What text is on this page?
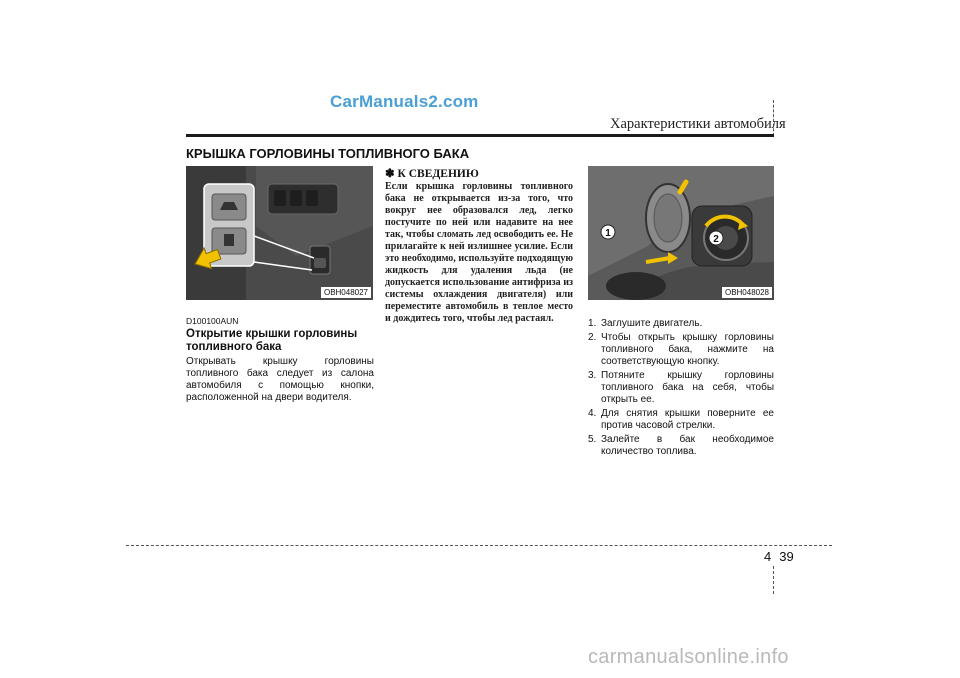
CarManuals2.com
Характеристики автомобиля
КРЫШКА ГОРЛОВИНЫ ТОПЛИВНОГО БАКА
OBH048027
D100100AUN
Открытие крышки горловины топливного бака
Открывать крышку горловины топливного бака следует из салона автомобиля с помощью кнопки, расположенной на двери водителя.
✽ К СВЕДЕНИЮ
Если крышка горловины топливного бака не открывается из-за того, что вокруг нее образовался лед, легко постучите по ней или надавите на нее так, чтобы сломать лед освободить ее. Не прилагайте к ней излишнее усилие. Если это необходимо, используйте подходящую жидкость для удаления льда (не допускается использование антифриза из системы охлаждения двигателя) или переместите автомобиль в теплое место и дождитесь того, чтобы лед растаял.
1
2
OBH048028
1. Заглушите двигатель.
2. Чтобы открыть крышку горловины топливного бака, нажмите на соответствующую кнопку.
3. Потяните крышку горловины топливного бака на себя, чтобы открыть ее.
4. Для снятия крышки поверните ее против часовой стрелки.
5. Залейте в бак необходимое количество топлива.
4 39
carmanualsonline.info
